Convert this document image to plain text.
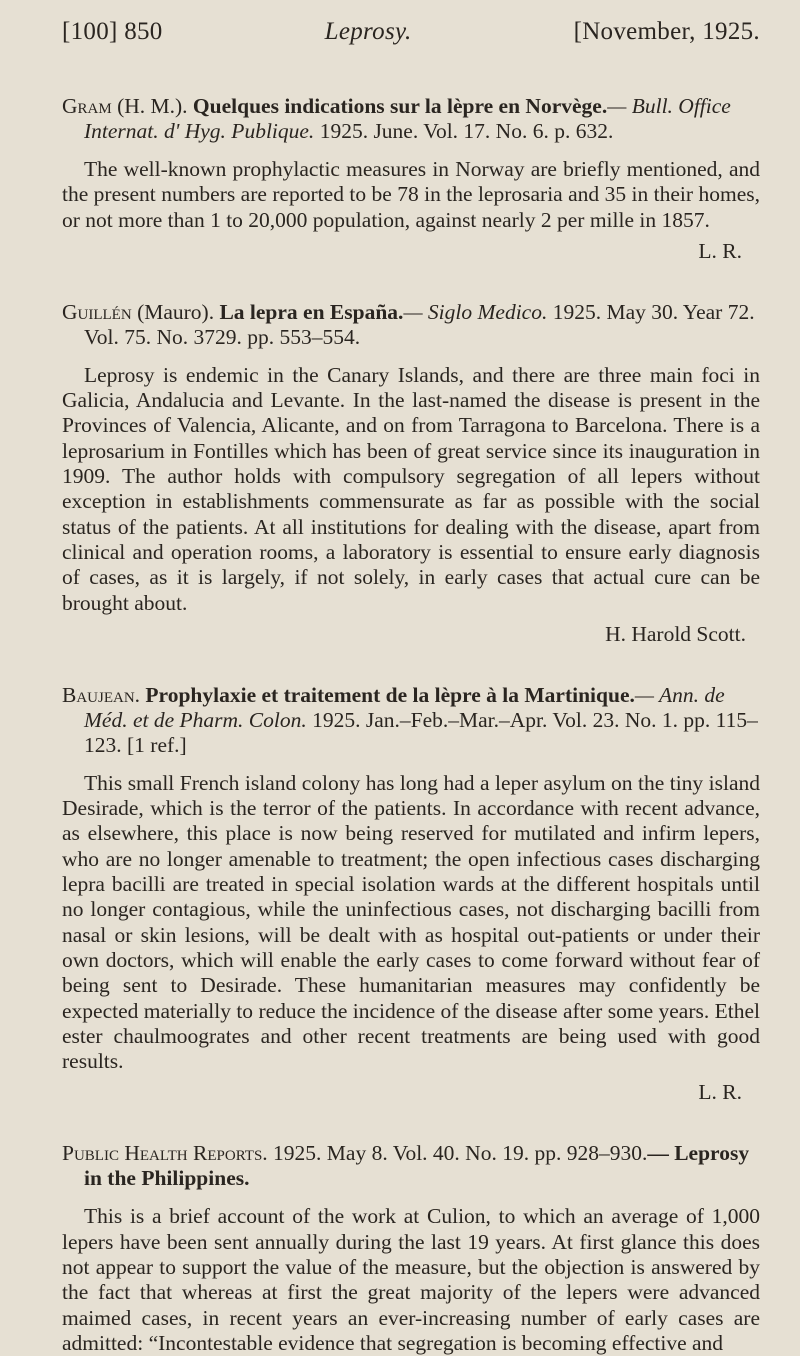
[100] 850	Leprosy.	[November, 1925.

Gram (H. M.). Quelques indications sur la lèpre en Norvège.— Bull. Office Internat. d' Hyg. Publique. 1925. June. Vol. 17. No. 6. p. 632.

The well-known prophylactic measures in Norway are briefly mentioned, and the present numbers are reported to be 78 in the leprosaria and 35 in their homes, or not more than 1 to 20,000 population, against nearly 2 per mille in 1857.

L. R.

Guillén (Mauro). La lepra en España.— Siglo Medico. 1925. May 30. Year 72. Vol. 75. No. 3729. pp. 553–554.

Leprosy is endemic in the Canary Islands, and there are three main foci in Galicia, Andalucia and Levante. In the last-named the disease is present in the Provinces of Valencia, Alicante, and on from Tarragona to Barcelona. There is a leprosarium in Fontilles which has been of great service since its inauguration in 1909. The author holds with compulsory segregation of all lepers without exception in establishments commensurate as far as possible with the social status of the patients. At all institutions for dealing with the disease, apart from clinical and operation rooms, a laboratory is essential to ensure early diagnosis of cases, as it is largely, if not solely, in early cases that actual cure can be brought about.

H. Harold Scott.

Baujean. Prophylaxie et traitement de la lèpre à la Martinique.— Ann. de Méd. et de Pharm. Colon. 1925. Jan.–Feb.–Mar.–Apr. Vol. 23. No. 1. pp. 115–123. [1 ref.]

This small French island colony has long had a leper asylum on the tiny island Desirade, which is the terror of the patients. In accordance with recent advance, as elsewhere, this place is now being reserved for mutilated and infirm lepers, who are no longer amenable to treatment; the open infectious cases discharging lepra bacilli are treated in special isolation wards at the different hospitals until no longer contagious, while the uninfectious cases, not discharging bacilli from nasal or skin lesions, will be dealt with as hospital out-patients or under their own doctors, which will enable the early cases to come forward without fear of being sent to Desirade. These humanitarian measures may confidently be expected materially to reduce the incidence of the disease after some years. Ethel ester chaulmoogrates and other recent treatments are being used with good results.

L. R.

Public Health Reports. 1925. May 8. Vol. 40. No. 19. pp. 928–930.— Leprosy in the Philippines.

This is a brief account of the work at Culion, to which an average of 1,000 lepers have been sent annually during the last 19 years. At first glance this does not appear to support the value of the measure, but the objection is answered by the fact that whereas at first the great majority of the lepers were advanced maimed cases, in recent years an ever-increasing number of early cases are admitted: “Incontestable evidence that segregation is becoming effective and
